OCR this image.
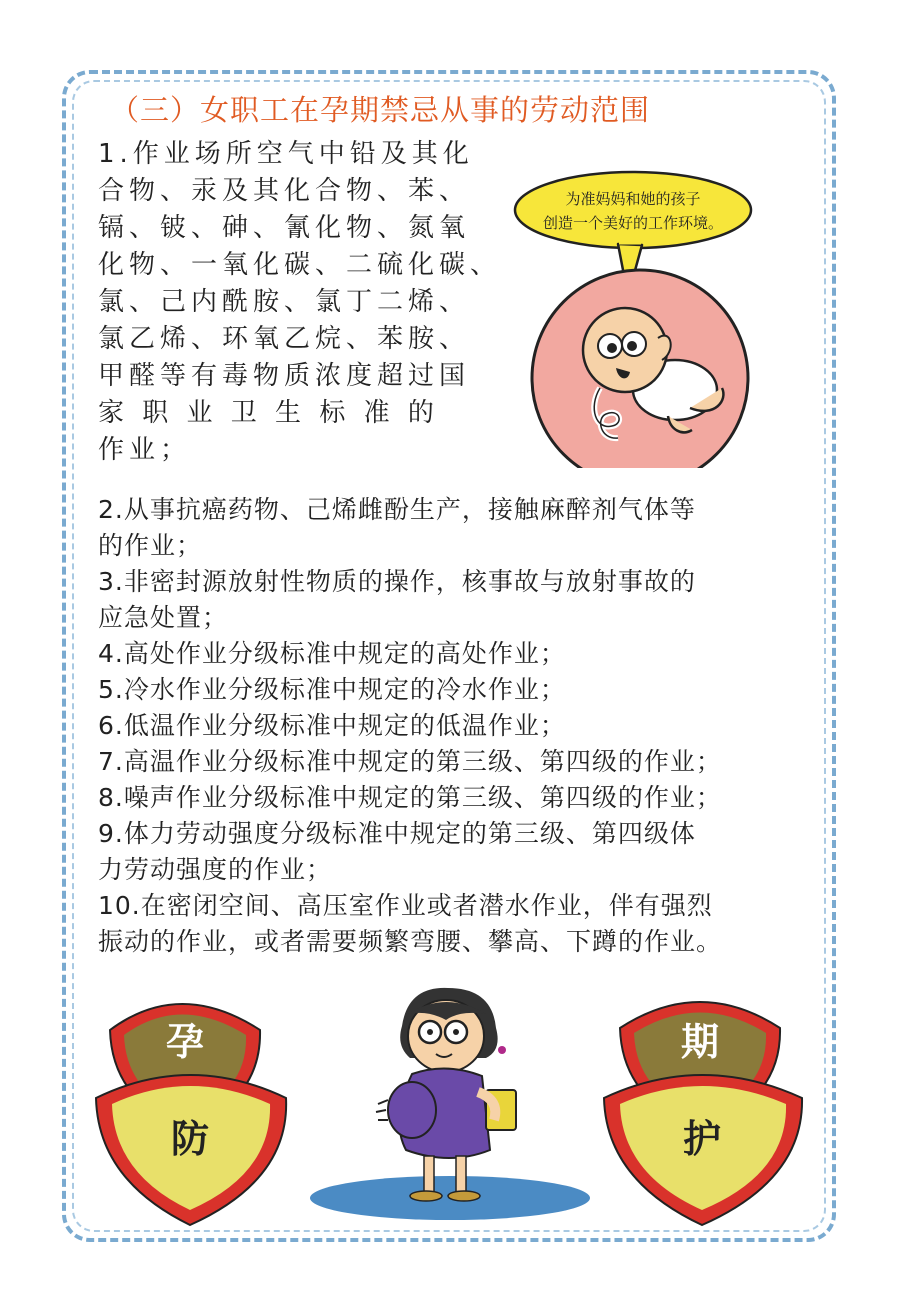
（三）女职工在孕期禁忌从事的劳动范围
1.作业场所空气中铅及其化
合物、汞及其化合物、苯、
镉、铍、砷、氰化物、氮氧
化物、一氧化碳、二硫化碳、
氯、己内酰胺、氯丁二烯、
氯乙烯、环氧乙烷、苯胺、
甲醛等有毒物质浓度超过国
家 职 业 卫 生 标 准 的
作业；
为准妈妈和她的孩子
创造一个美好的工作环境。
2.从事抗癌药物、己烯雌酚生产，接触麻醉剂气体等
的作业；
3.非密封源放射性物质的操作，核事故与放射事故的
应急处置；
4.高处作业分级标准中规定的高处作业；
5.冷水作业分级标准中规定的冷水作业；
6.低温作业分级标准中规定的低温作业；
7.高温作业分级标准中规定的第三级、第四级的作业；
8.噪声作业分级标准中规定的第三级、第四级的作业；
9.体力劳动强度分级标准中规定的第三级、第四级体
力劳动强度的作业；
10.在密闭空间、高压室作业或者潜水作业，伴有强烈
振动的作业，或者需要频繁弯腰、攀高、下蹲的作业。
孕
防
期
护
